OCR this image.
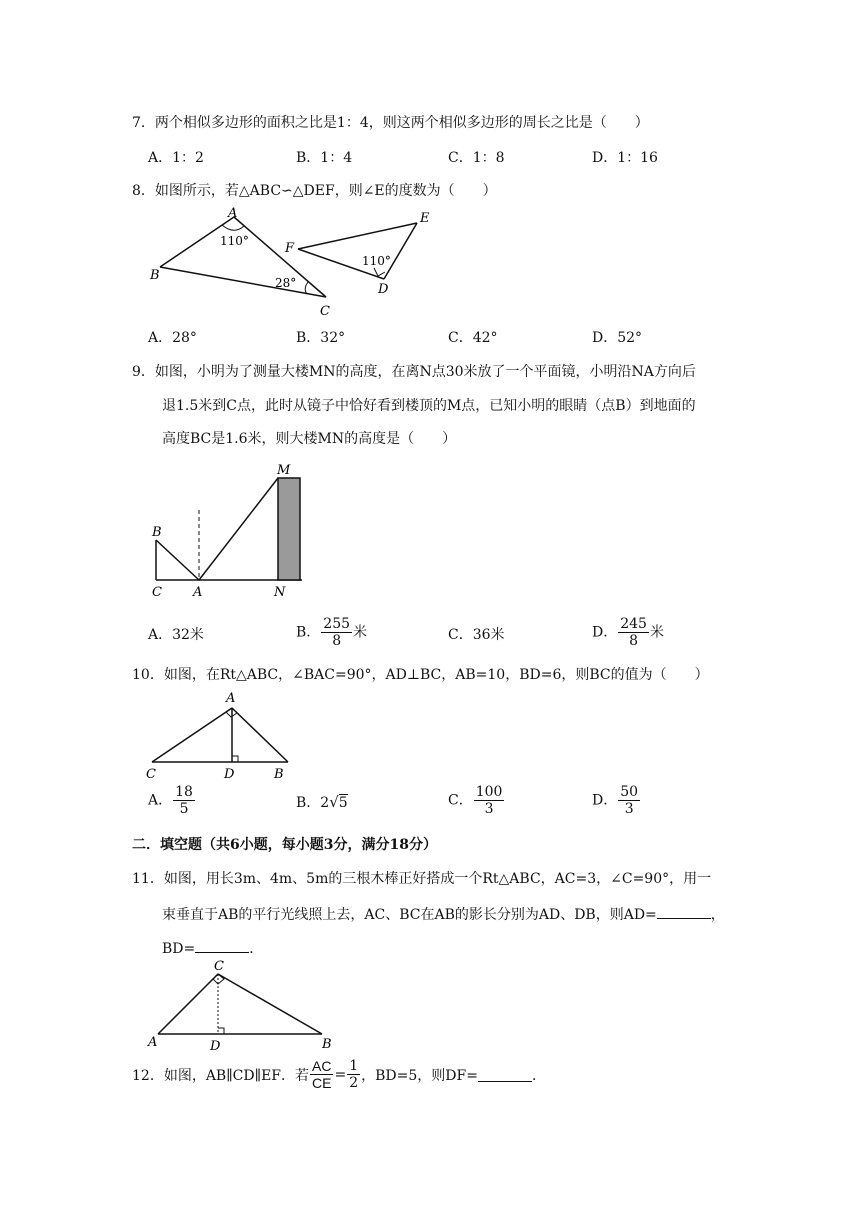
7．两个相似多边形的面积之比是1：4，则这两个相似多边形的周长之比是（　　）
A．1：2	B．1：4	C．1：8	D．1：16
8．如图所示，若△ABC∽△DEF，则∠E的度数为（　　）
A
B
C
D
E
F
110°
28°
110°
A．28°	B．32°	C．42°	D．52°
9．如图，小明为了测量大楼MN的高度，在离N点30米放了一个平面镜，小明沿NA方向后
退1.5米到C点，此时从镜子中恰好看到楼顶的M点，已知小明的眼睛（点B）到地面的
高度BC是1.6米，则大楼MN的高度是（　　）
B
C A	N
M
A．32米	B． $\frac{255}{8}$ 米	C．36米	D． $\frac{245}{8}$ 米
10．如图，在Rt△ABC，∠BAC=90°，AD⊥BC，AB=10，BD=6，则BC的值为（　　）
A
C	D	B
A． $\frac{18}{5}$	B．2√5	C． $\frac{100}{3}$	D． $\frac{50}{3}$
二．填空题（共6小题，每小题3分，满分18分）
11．如图，用长3m、4m、5m的三根木棒正好搭成一个Rt△ABC，AC=3，∠C=90°，用一
束垂直于AB的平行光线照上去，AC、BC在AB的影长分别为AD、DB，则AD=	，
BD=	．
C
A	D	B
12．如图，AB∥CD∥EF．若 $\frac{AC}{CE} = \frac{1}{2}$ ，BD=5，则DF=	．
